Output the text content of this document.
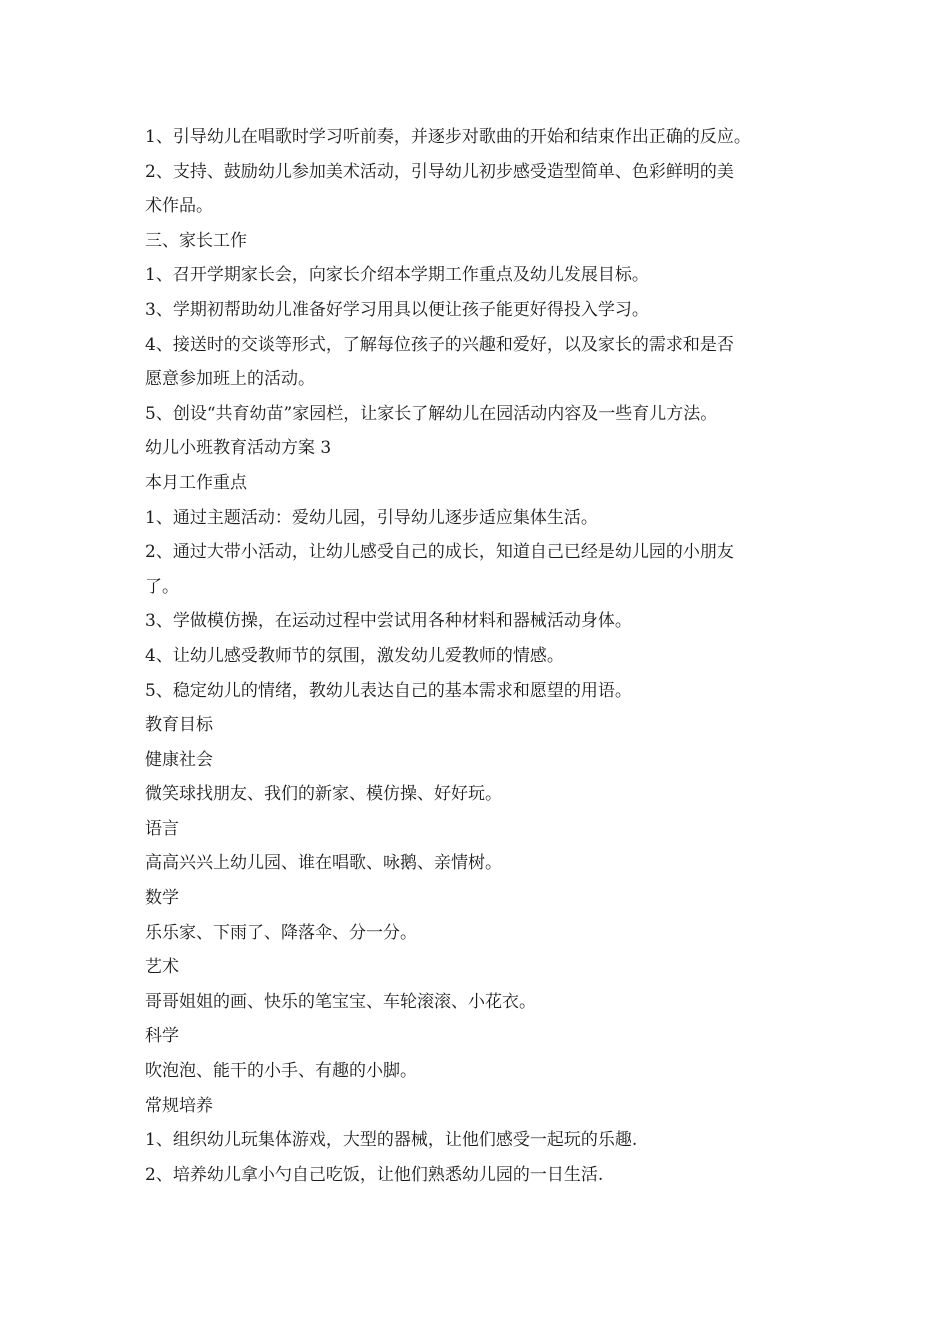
1、引导幼儿在唱歌时学习听前奏，并逐步对歌曲的开始和结束作出正确的反应。
2、支持、鼓励幼儿参加美术活动，引导幼儿初步感受造型简单、色彩鲜明的美
术作品。
三、家长工作
1、召开学期家长会，向家长介绍本学期工作重点及幼儿发展目标。
3、学期初帮助幼儿准备好学习用具以便让孩子能更好得投入学习。
4、接送时的交谈等形式，了解每位孩子的兴趣和爱好，以及家长的需求和是否
愿意参加班上的活动。
5、创设“共育幼苗”家园栏，让家长了解幼儿在园活动内容及一些育儿方法。
幼儿小班教育活动方案 3
本月工作重点
1、通过主题活动：爱幼儿园，引导幼儿逐步适应集体生活。
2、通过大带小活动，让幼儿感受自己的成长，知道自己已经是幼儿园的小朋友
了。
3、学做模仿操，在运动过程中尝试用各种材料和器械活动身体。
4、让幼儿感受教师节的氛围，激发幼儿爱教师的情感。
5、稳定幼儿的情绪，教幼儿表达自己的基本需求和愿望的用语。
教育目标
健康社会
微笑球找朋友、我们的新家、模仿操、好好玩。
语言
高高兴兴上幼儿园、谁在唱歌、咏鹅、亲情树。
数学
乐乐家、下雨了、降落伞、分一分。
艺术
哥哥姐姐的画、快乐的笔宝宝、车轮滚滚、小花衣。
科学
吹泡泡、能干的小手、有趣的小脚。
常规培养
1、组织幼儿玩集体游戏，大型的器械，让他们感受一起玩的乐趣.
2、培养幼儿拿小勺自己吃饭，让他们熟悉幼儿园的一日生活.
